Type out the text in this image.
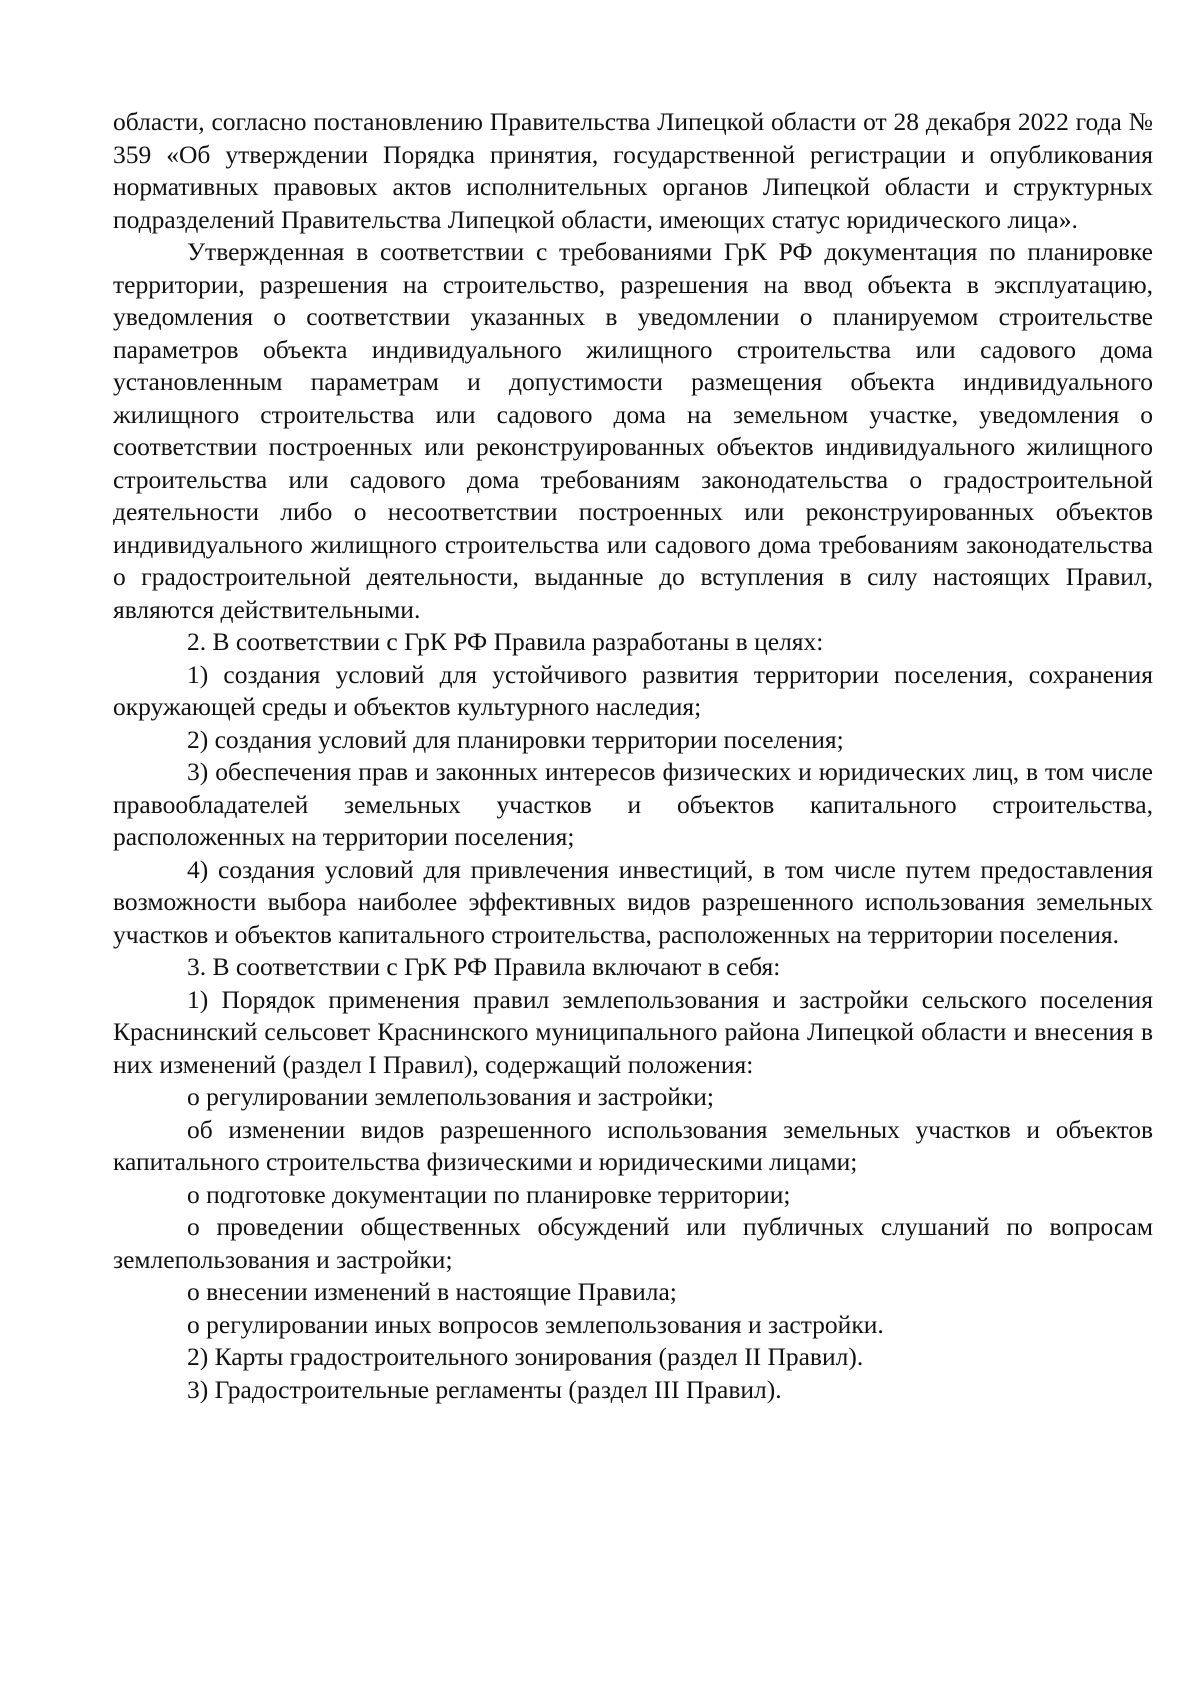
области, согласно постановлению Правительства Липецкой области от 28 декабря 2022 года № 359 «Об утверждении Порядка принятия, государственной регистрации и опубликования нормативных правовых актов исполнительных органов Липецкой области и структурных подразделений Правительства Липецкой области, имеющих статус юридического лица».

Утвержденная в соответствии с требованиями ГрК РФ документация по планировке территории, разрешения на строительство, разрешения на ввод объекта в эксплуатацию, уведомления о соответствии указанных в уведомлении о планируемом строительстве параметров объекта индивидуального жилищного строительства или садового дома установленным параметрам и допустимости размещения объекта индивидуального жилищного строительства или садового дома на земельном участке, уведомления о соответствии построенных или реконструированных объектов индивидуального жилищного строительства или садового дома требованиям законодательства о градостроительной деятельности либо о несоответствии построенных или реконструированных объектов индивидуального жилищного строительства или садового дома требованиям законодательства о градостроительной деятельности, выданные до вступления в силу настоящих Правил, являются действительными.

2. В соответствии с ГрК РФ Правила разработаны в целях:

1) создания условий для устойчивого развития территории поселения, сохранения окружающей среды и объектов культурного наследия;

2) создания условий для планировки территории поселения;

3) обеспечения прав и законных интересов физических и юридических лиц, в том числе правообладателей земельных участков и объектов капитального строительства, расположенных на территории поселения;

4) создания условий для привлечения инвестиций, в том числе путем предоставления возможности выбора наиболее эффективных видов разрешенного использования земельных участков и объектов капитального строительства, расположенных на территории поселения.

3. В соответствии с ГрК РФ Правила включают в себя:

1) Порядок применения правил землепользования и застройки сельского поселения Краснинский сельсовет Краснинского муниципального района Липецкой области и внесения в них изменений (раздел I Правил), содержащий положения:

о регулировании землепользования и застройки;

об изменении видов разрешенного использования земельных участков и объектов капитального строительства физическими и юридическими лицами;

о подготовке документации по планировке территории;

о проведении общественных обсуждений или публичных слушаний по вопросам землепользования и застройки;

о внесении изменений в настоящие Правила;

о регулировании иных вопросов землепользования и застройки.

2) Карты градостроительного зонирования (раздел II Правил).

3) Градостроительные регламенты (раздел III Правил).
